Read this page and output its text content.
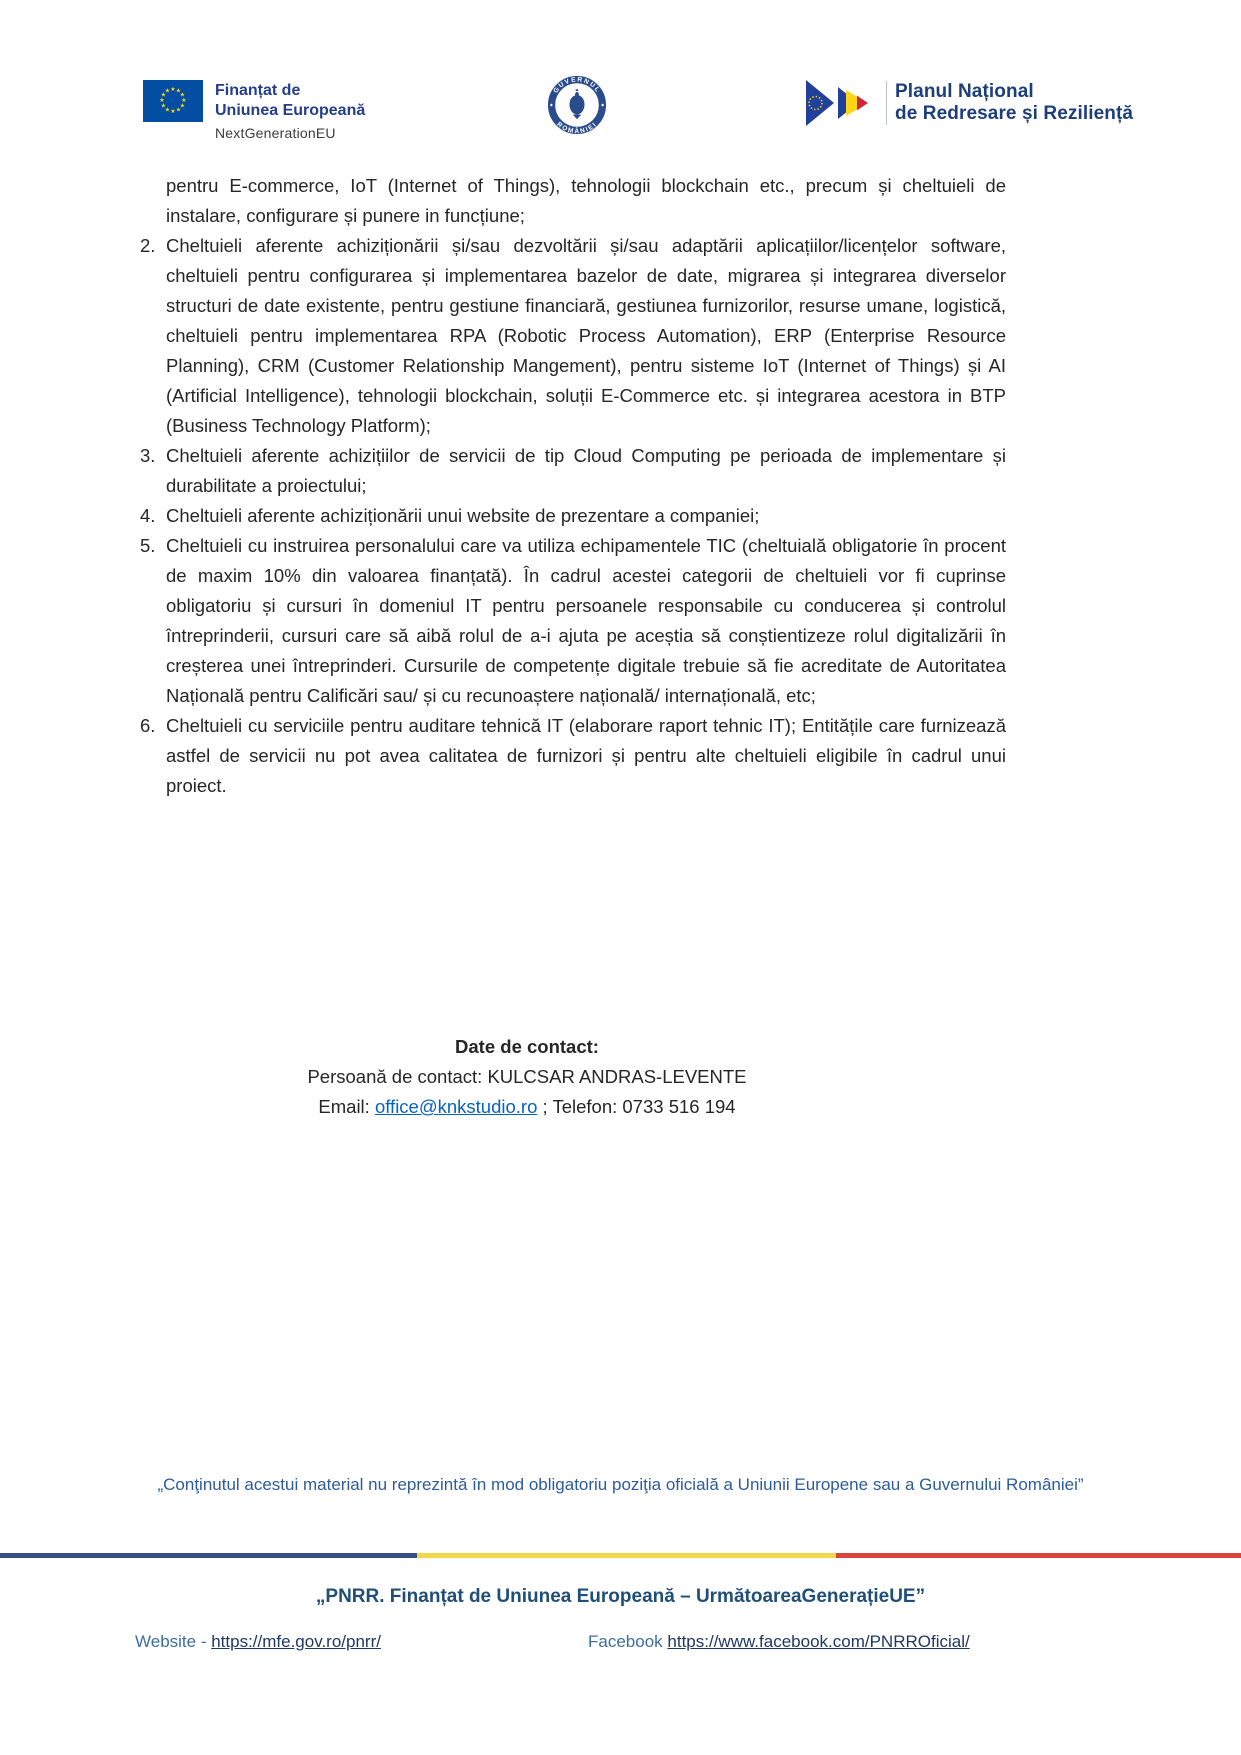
★ ★
★
★
★
★
★
★
★
★
★
★	Finanțat de
Uniunea Europeană
NextGenerationEU
GUVERNUL
ROMÂNIEI
Planul Național
de Redresare și Reziliență
pentru E-commerce, IoT (Internet of Things), tehnologii blockchain etc., precum și cheltuieli de instalare, configurare și punere in funcțiune;
2. Cheltuieli aferente achiziționării și/sau dezvoltării și/sau adaptării aplicațiilor/licențelor software, cheltuieli pentru configurarea și implementarea bazelor de date, migrarea și integrarea diverselor structuri de date existente, pentru gestiune financiară, gestiunea furnizorilor, resurse umane, logistică, cheltuieli pentru implementarea RPA (Robotic Process Automation), ERP (Enterprise Resource Planning), CRM (Customer Relationship Mangement), pentru sisteme IoT (Internet of Things) și AI (Artificial Intelligence), tehnologii blockchain, soluții E-Commerce etc. și integrarea acestora in BTP (Business Technology Platform);
3. Cheltuieli aferente achizițiilor de servicii de tip Cloud Computing pe perioada de implementare și durabilitate a proiectului;
4. Cheltuieli aferente achiziționării unui website de prezentare a companiei;
5. Cheltuieli cu instruirea personalului care va utiliza echipamentele TIC (cheltuială obligatorie în procent de maxim 10% din valoarea finanțată). În cadrul acestei categorii de cheltuieli vor fi cuprinse obligatoriu și cursuri în domeniul IT pentru persoanele responsabile cu conducerea și controlul întreprinderii, cursuri care să aibă rolul de a-i ajuta pe aceștia să conștientizeze rolul digitalizării în creșterea unei întreprinderi. Cursurile de competențe digitale trebuie să fie acreditate de Autoritatea Națională pentru Calificări sau/ și cu recunoaștere națională/ internațională, etc;
6. Cheltuieli cu serviciile pentru auditare tehnică IT (elaborare raport tehnic IT); Entitățile care furnizează astfel de servicii nu pot avea calitatea de furnizori și pentru alte cheltuieli eligibile în cadrul unui proiect.
Date de contact:
Persoană de contact: KULCSAR ANDRAS-LEVENTE
Email: office@knkstudio.ro ; Telefon: 0733 516 194
„Conţinutul acestui material nu reprezintă în mod obligatoriu poziţia oficială a Uniunii Europene sau a Guvernului României”
„PNRR. Finanțat de Uniunea Europeană – UrmătoareaGenerațieUE”
Website - https://mfe.gov.ro/pnrr/	Facebook https://www.facebook.com/PNRROficial/
